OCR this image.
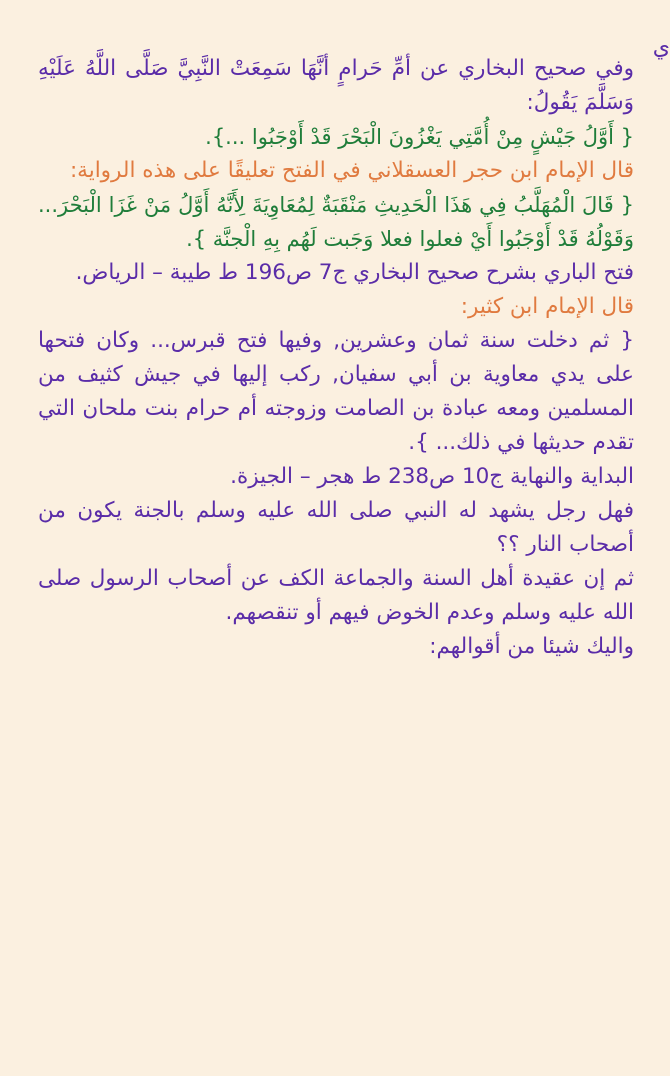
ي

وفي صحيح البخاري عن أمِّ حَرامٍ أنَّهَا سَمِعَتْ النَّبِيَّ صَلَّى اللَّهُ عَلَيْهِ وَسَلَّمَ يَقُولُ:

{ أَوَّلُ جَيْشٍ مِنْ أُمَّتِي يَغْزُونَ الْبَحْرَ قَدْ أَوْجَبُوا ...}.

قال الإمام ابن حجر العسقلاني في الفتح تعليقًا على هذه الرواية:

{ قَالَ الْمُهَلَّبُ فِي هَذَا الْحَدِيثِ مَنْقَبَةٌ لِمُعَاوِيَةَ لِأَنَّهُ أَوَّلُ مَنْ غَزَا الْبَحْرَ... وَقَوْلُهُ قَدْ أَوْجَبُوا أَيْ فعلوا فعلا وَجَبت لَهُم بِهِ الْجنَّة }.

فتح الباري بشرح صحيح البخاري ج7 ص196 ط طيبة – الرياض.

قال الإمام ابن كثير:

{ ثم دخلت سنة ثمان وعشرين, وفيها فتح قبرس... وكان فتحها على يدي معاوية بن أبي سفيان, ركب إليها في جيش كثيف من المسلمين ومعه عبادة بن الصامت وزوجته أم حرام بنت ملحان التي تقدم حديثها في ذلك... }.

البداية والنهاية ج10 ص238 ط هجر – الجيزة.

فهل رجل يشهد له النبي صلى الله عليه وسلم بالجنة يكون من أصحاب النار ؟؟

ثم إن عقيدة أهل السنة والجماعة الكف عن أصحاب الرسول صلى الله عليه وسلم وعدم الخوض فيهم أو تنقصهم.

واليك شيئا من أقوالهم:
